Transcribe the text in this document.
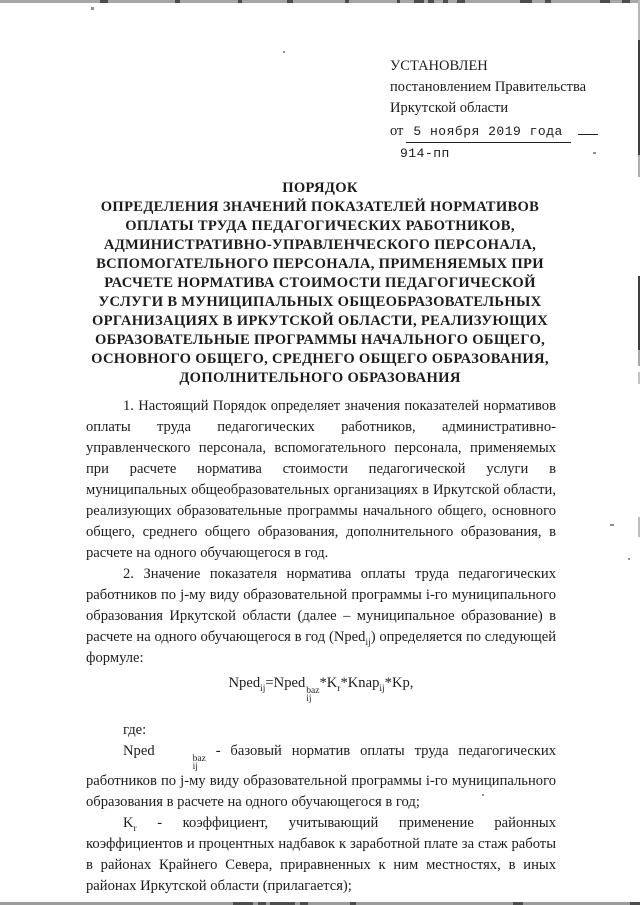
УСТАНОВЛЕН
постановлением Правительства
Иркутской области
от 5 ноября 2019 года
914-пп
ПОРЯДОК
ОПРЕДЕЛЕНИЯ ЗНАЧЕНИЙ ПОКАЗАТЕЛЕЙ НОРМАТИВОВ
ОПЛАТЫ ТРУДА ПЕДАГОГИЧЕСКИХ РАБОТНИКОВ,
АДМИНИСТРАТИВНО-УПРАВЛЕНЧЕСКОГО ПЕРСОНАЛА,
ВСПОМОГАТЕЛЬНОГО ПЕРСОНАЛА, ПРИМЕНЯЕМЫХ ПРИ
РАСЧЕТЕ НОРМАТИВА СТОИМОСТИ ПЕДАГОГИЧЕСКОЙ
УСЛУГИ В МУНИЦИПАЛЬНЫХ ОБЩЕОБРАЗОВАТЕЛЬНЫХ
ОРГАНИЗАЦИЯХ В ИРКУТСКОЙ ОБЛАСТИ, РЕАЛИЗУЮЩИХ
ОБРАЗОВАТЕЛЬНЫЕ ПРОГРАММЫ НАЧАЛЬНОГО ОБЩЕГО,
ОСНОВНОГО ОБЩЕГО, СРЕДНЕГО ОБЩЕГО ОБРАЗОВАНИЯ,
ДОПОЛНИТЕЛЬНОГО ОБРАЗОВАНИЯ

1. Настоящий Порядок определяет значения показателей нормативов оплаты труда педагогических работников, административно-управленческого персонала, вспомогательного персонала, применяемых при расчете норматива стоимости педагогической услуги в муниципальных общеобразовательных организациях в Иркутской области, реализующих образовательные программы начального общего, основного общего, среднего общего образования, дополнительного образования, в расчете на одного обучающегося в год.

2. Значение показателя норматива оплаты труда педагогических работников по j-му виду образовательной программы i-го муниципального образования Иркутской области (далее – муниципальное образование) в расчете на одного обучающегося в год (Nped$_{ij}$) определяется по следующей формуле:

Nped$_{ij}$=Nped baz
ij
$*K_r*Knap_{ij}*Kp$,

где:

Nped	baz
ij
- базовый норматив оплаты труда педагогических работников по j-му виду образовательной программы i-го муниципального образования в расчете на одного обучающегося в год;

$K_r$ - коэффициент, учитывающий применение районных коэффициентов и процентных надбавок к заработной плате за стаж работы в районах Крайнего Севера, приравненных к ним местностях, в иных районах Иркутской области (прилагается);
